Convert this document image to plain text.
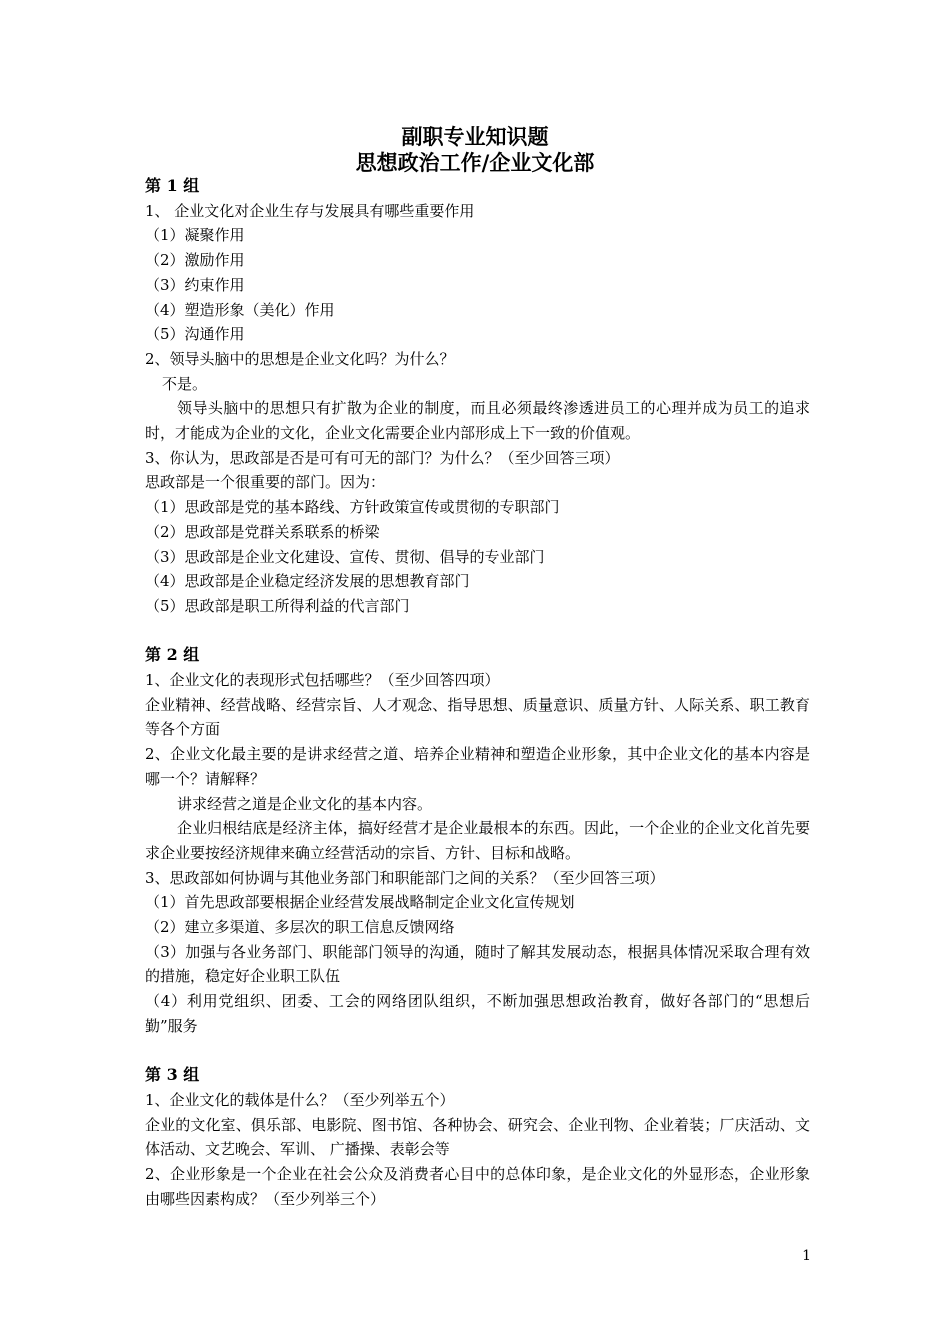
副职专业知识题

思想政治工作/企业文化部

第 1 组

1、 企业文化对企业生存与发展具有哪些重要作用

（1）凝聚作用

（2）激励作用

（3）约束作用

（4）塑造形象（美化）作用

（5）沟通作用

2、领导头脑中的思想是企业文化吗？为什么？

不是。

领导头脑中的思想只有扩散为企业的制度，而且必须最终渗透进员工的心理并成为员工的追求时，才能成为企业的文化，企业文化需要企业内部形成上下一致的价值观。

3、你认为，思政部是否是可有可无的部门？为什么？（至少回答三项）

思政部是一个很重要的部门。因为：

（1）思政部是党的基本路线、方针政策宣传或贯彻的专职部门

（2）思政部是党群关系联系的桥梁

（3）思政部是企业文化建设、宣传、贯彻、倡导的专业部门

（4）思政部是企业稳定经济发展的思想教育部门

（5）思政部是职工所得利益的代言部门

第 2 组

1、企业文化的表现形式包括哪些？（至少回答四项）

企业精神、经营战略、经营宗旨、人才观念、指导思想、质量意识、质量方针、人际关系、职工教育等各个方面

2、企业文化最主要的是讲求经营之道、培养企业精神和塑造企业形象，其中企业文化的基本内容是哪一个？请解释？

讲求经营之道是企业文化的基本内容。

企业归根结底是经济主体，搞好经营才是企业最根本的东西。因此，一个企业的企业文化首先要求企业要按经济规律来确立经营活动的宗旨、方针、目标和战略。

3、思政部如何协调与其他业务部门和职能部门之间的关系？（至少回答三项）

（1）首先思政部要根据企业经营发展战略制定企业文化宣传规划

（2）建立多渠道、多层次的职工信息反馈网络

（3）加强与各业务部门、职能部门领导的沟通，随时了解其发展动态，根据具体情况采取合理有效的措施，稳定好企业职工队伍

（4）利用党组织、团委、工会的网络团队组织，不断加强思想政治教育，做好各部门的“思想后勤”服务

第 3 组

1、企业文化的载体是什么？（至少列举五个）

企业的文化室、俱乐部、电影院、图书馆、各种协会、研究会、企业刊物、企业着装；厂庆活动、文体活动、文艺晚会、军训、 广播操、表彰会等

2、企业形象是一个企业在社会公众及消费者心目中的总体印象，是企业文化的外显形态，企业形象由哪些因素构成？（至少列举三个）

1
